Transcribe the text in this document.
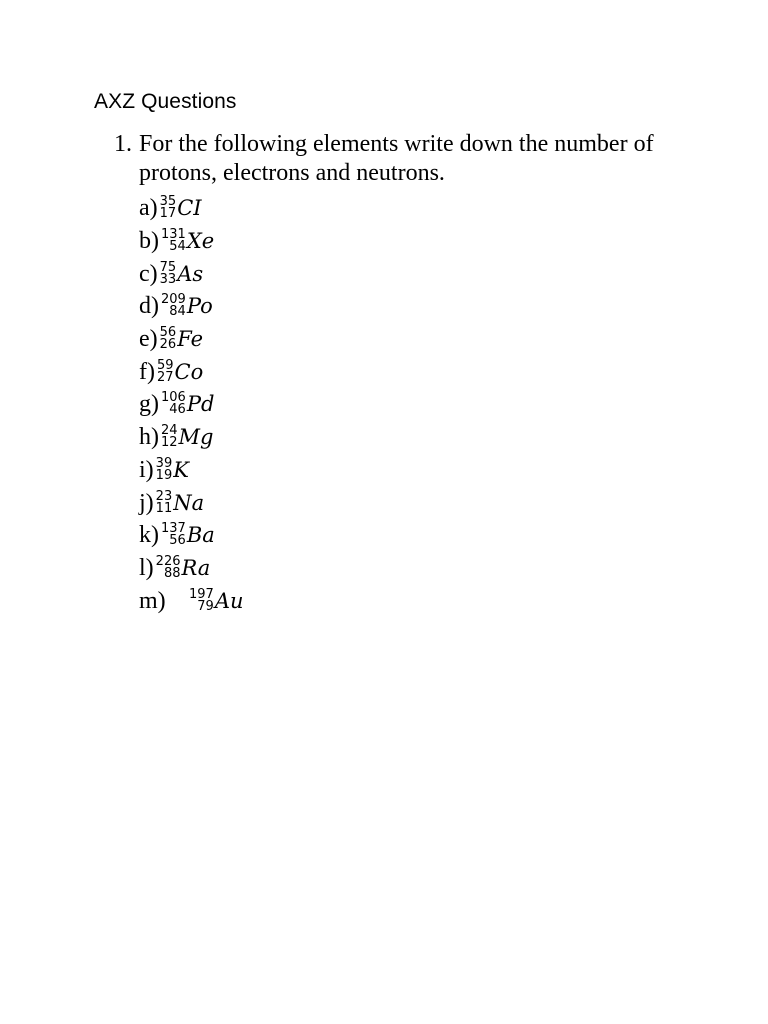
AXZ Questions
1. For the following elements write down the number of protons, electrons and neutrons.
a) 35
17 CI
b) 131
54 Xe
c) 75
33 As
d) 209
84 Po
e) 56
26 Fe
f) 59
27 Co
g) 106
46 Pd
h) 24
12 Mg
i) 39
19 K
j) 23
11 Na
k) 137
56 Ba
l) 226
88 Ra
m)	197
79 Au
